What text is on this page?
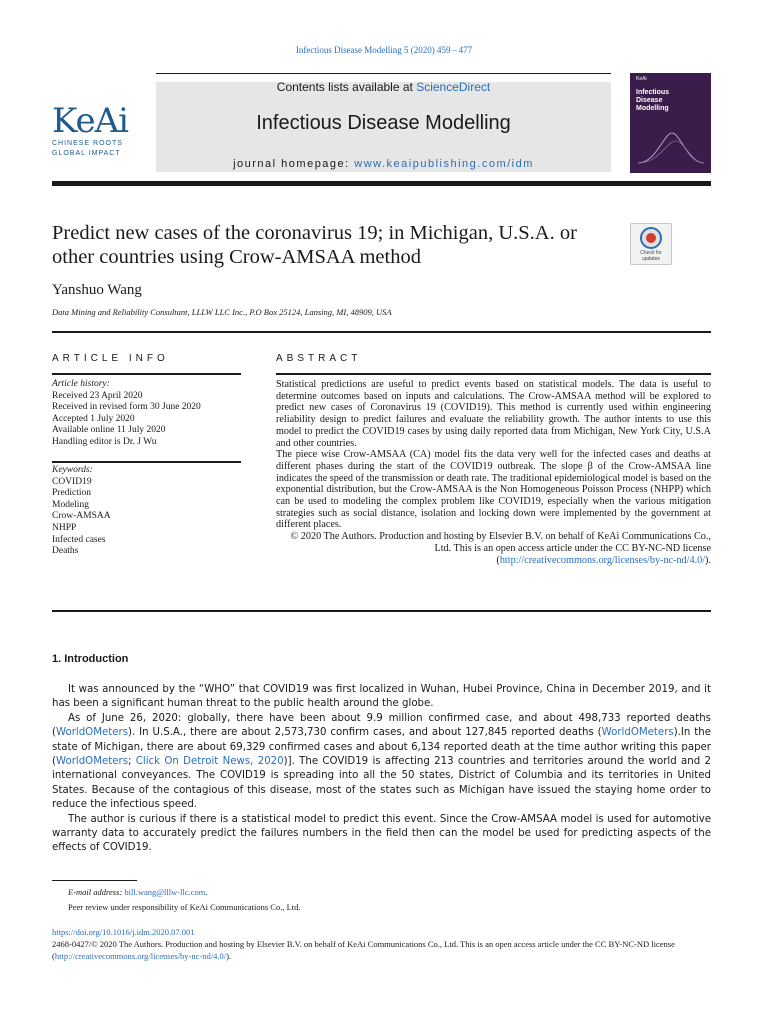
Infectious Disease Modelling 5 (2020) 459 – 477
KeAi
CHINESE ROOTS
GLOBAL IMPACT
Contents lists available at ScienceDirect
Infectious Disease Modelling
journal homepage: www.keaipublishing.com/idm
KeAi
Infectious
Disease
Modelling
Predict new cases of the coronavirus 19; in Michigan, U.S.A. or other countries using Crow-AMSAA method	Check for
updates
Yanshuo Wang
Data Mining and Reliability Consultant, LLLW LLC Inc., P.O Box 25124, Lansing, MI, 48909, USA
ARTICLE INFO
Article history:
Received 23 April 2020
Received in revised form 30 June 2020
Accepted 1 July 2020
Available online 11 July 2020
Handling editor is Dr. J Wu
Keywords:
COVID19
Prediction
Modeling
Crow-AMSAA
NHPP
Infected cases
Deaths
ABSTRACT

Statistical predictions are useful to predict events based on statistical models. The data is useful to determine outcomes based on inputs and calculations. The Crow-AMSAA method will be explored to predict new cases of Coronavirus 19 (COVID19). This method is currently used within engineering reliability design to predict failures and evaluate the reliability growth. The author intents to use this model to predict the COVID19 cases by using daily reported data from Michigan, New York City, U.S.A and other countries.

The piece wise Crow-AMSAA (CA) model fits the data very well for the infected cases and deaths at different phases during the start of the COVID19 outbreak. The slope β of the Crow-AMSAA line indicates the speed of the transmission or death rate. The traditional epidemiological model is based on the exponential distribution, but the Crow-AMSAA is the Non Homogeneous Poisson Process (NHPP) which can be used to modeling the complex problem like COVID19, especially when the various mitigation strategies such as social distance, isolation and locking down were implemented by the government at different places.

© 2020 The Authors. Production and hosting by Elsevier B.V. on behalf of KeAi Communications Co., Ltd. This is an open access article under the CC BY-NC-ND license
(http://creativecommons.org/licenses/by-nc-nd/4.0/).

1. Introduction

It was announced by the “WHO” that COVID19 was first localized in Wuhan, Hubei Province, China in December 2019, and it has been a significant human threat to the public health around the globe.

As of June 26, 2020: globally, there have been about 9.9 million confirmed case, and about 498,733 reported deaths (WorldOMeters). In U.S.A., there are about 2,573,730 confirm cases, and about 127,845 reported deaths (WorldOMeters).In the state of Michigan, there are about 69,329 confirmed cases and about 6,134 reported death at the time author writing this paper (WorldOMeters; Click On Detroit News, 2020)]. The COVID19 is affecting 213 countries and territories around the world and 2 international conveyances. The COVID19 is spreading into all the 50 states, District of Columbia and its territories in United States. Because of the contagious of this disease, most of the states such as Michigan have issued the staying home order to reduce the infectious speed.

The author is curious if there is a statistical model to predict this event. Since the Crow-AMSAA model is used for automotive warranty data to accurately predict the failures numbers in the field then can the model be used for predicting aspects of the effects of COVID19.

E-mail address: bill.wang@lllw-llc.com.
Peer review under responsibility of KeAi Communications Co., Ltd.
https://doi.org/10.1016/j.idm.2020.07.001
2468-0427/© 2020 The Authors. Production and hosting by Elsevier B.V. on behalf of KeAi Communications Co., Ltd. This is an open access article under the CC BY-NC-ND license (http://creativecommons.org/licenses/by-nc-nd/4.0/).
